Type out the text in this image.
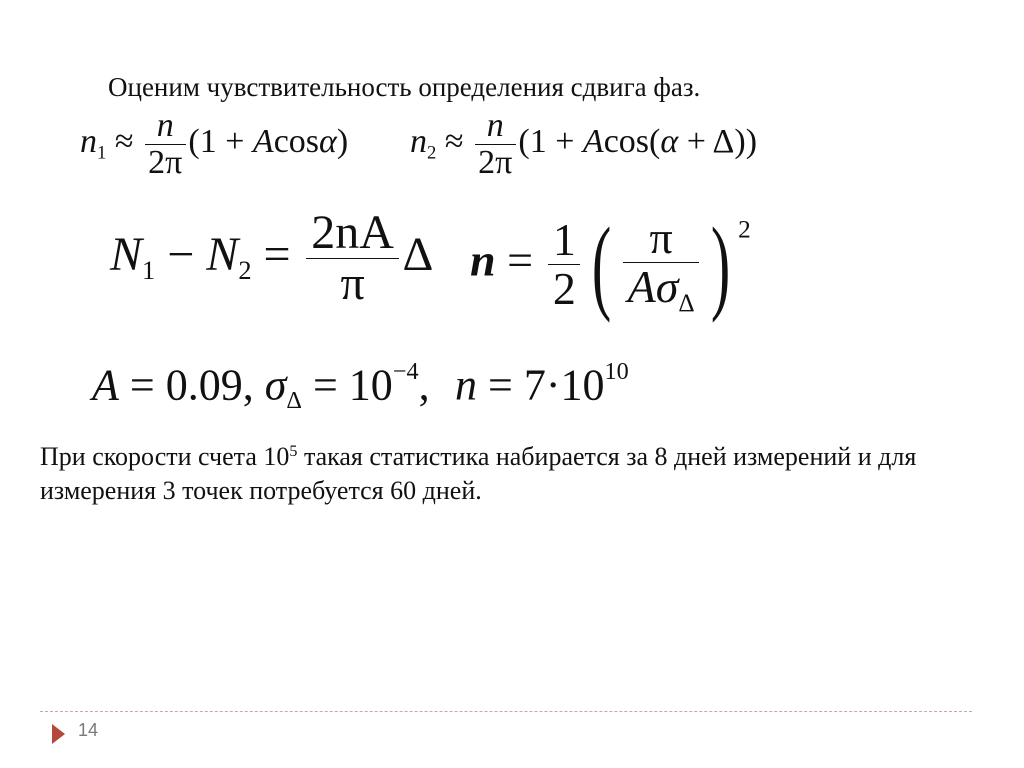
Оценим чувствительность определения сдвига фаз.
$n_1 \approx \frac{n}{2\pi} (1 + Acos\alpha) n_2 \approx \frac{n}{2\pi} (1 + Acos(\alpha + \Delta))$
$N_1 - N_2 = \frac{2nA}{\pi}$ Δ $n = \frac{1}{2}$ ( $\frac{\pi}{A\sigma_\Delta}$ ) $^2$
A = 0.09, $\sigma_\Delta = 10^{-4}$, $n = 7\cdot 10^{10}$
При скорости счета $10^5$ такая статистика набирается за 8 дней измерений и для измерения 3 точек потребуется 60 дней.
14
